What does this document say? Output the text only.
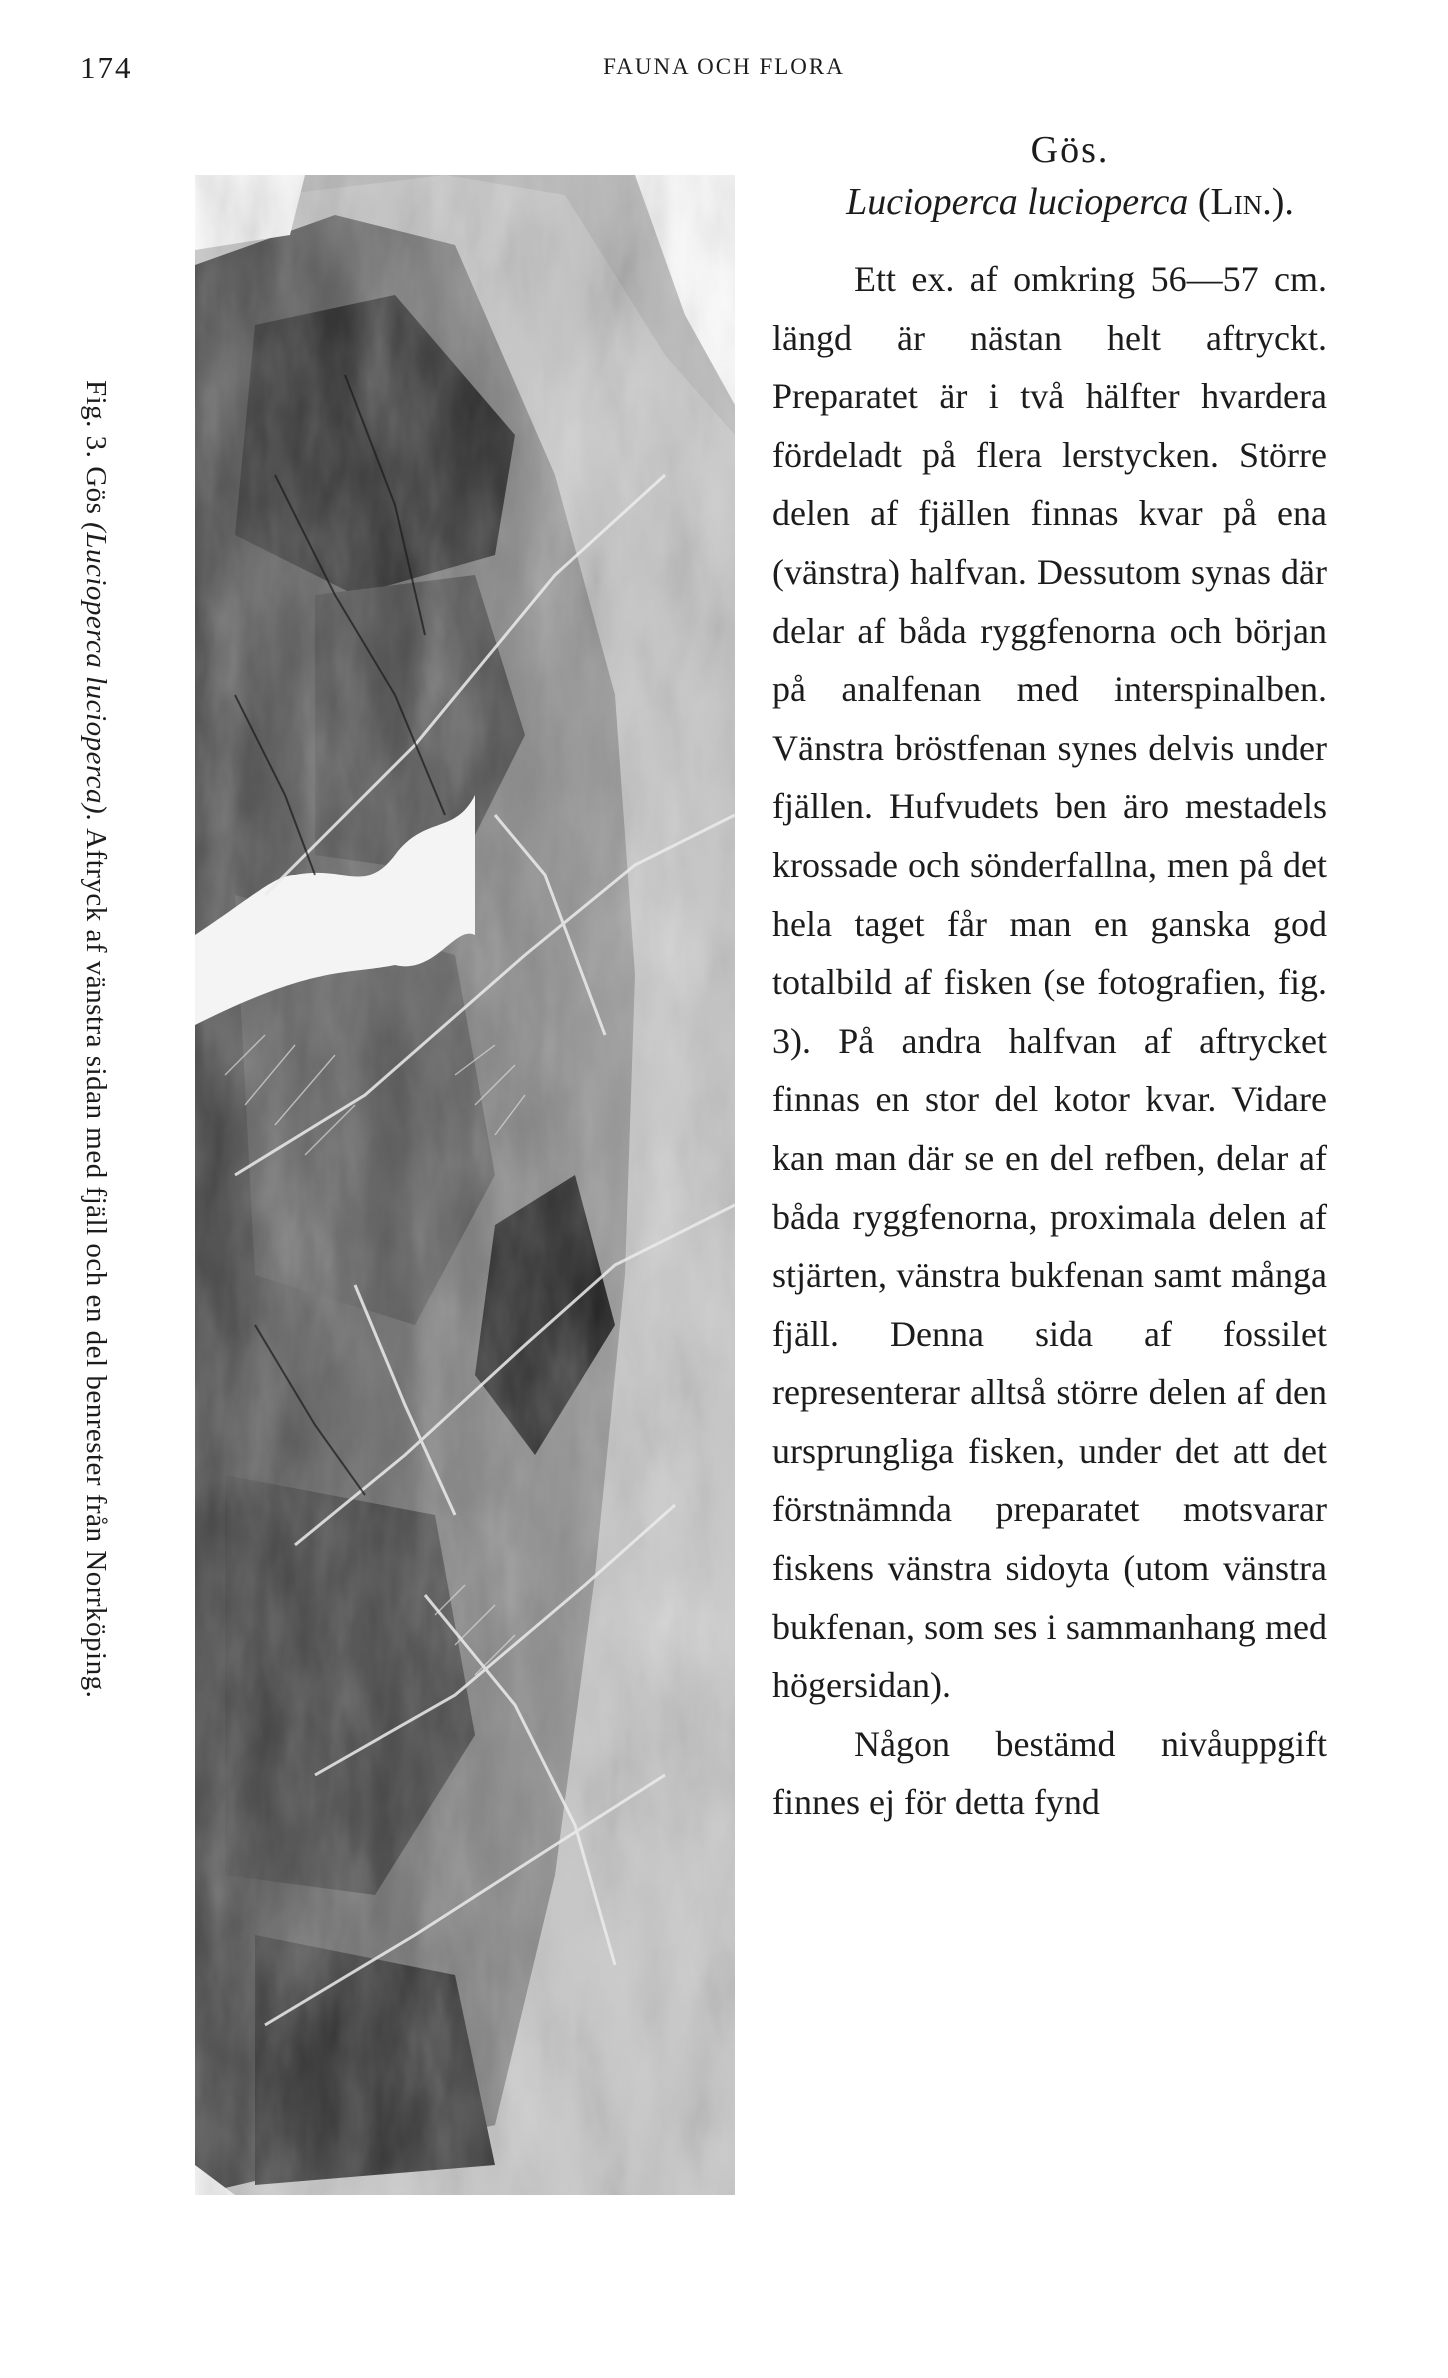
174	FAUNA OCH FLORA
Fig. 3. Gös (Lucioperca lucioperca). Aftryck af vänstra sidan med fjäll och en del benrester från Norrköping.
Gös.
Lucioperca lucioperca (Lin.).

Ett ex. af omkring 56—57 cm. längd är nästan helt aftryckt. Preparatet är i två hälfter hvardera fördeladt på flera lerstycken. Större delen af fjällen finnas kvar på ena (vänstra) halfvan. Dessutom synas där delar af båda ryggfenorna och början på analfenan med interspinalben. Vänstra bröstfenan synes delvis under fjällen. Hufvudets ben äro mestadels krossade och sönderfallna, men på det hela taget får man en ganska god totalbild af fisken (se fotografien, fig. 3). På andra halfvan af aftrycket finnas en stor del kotor kvar. Vidare kan man där se en del refben, delar af båda ryggfenorna, proximala delen af stjärten, vänstra bukfenan samt många fjäll. Denna sida af fossilet representerar alltså större delen af den ursprungliga fisken, under det att det förstnämnda preparatet motsvarar fiskens vänstra sidoyta (utom vänstra bukfenan, som ses i sammanhang med högersidan).

Någon bestämd nivåuppgift finnes ej för detta fynd
